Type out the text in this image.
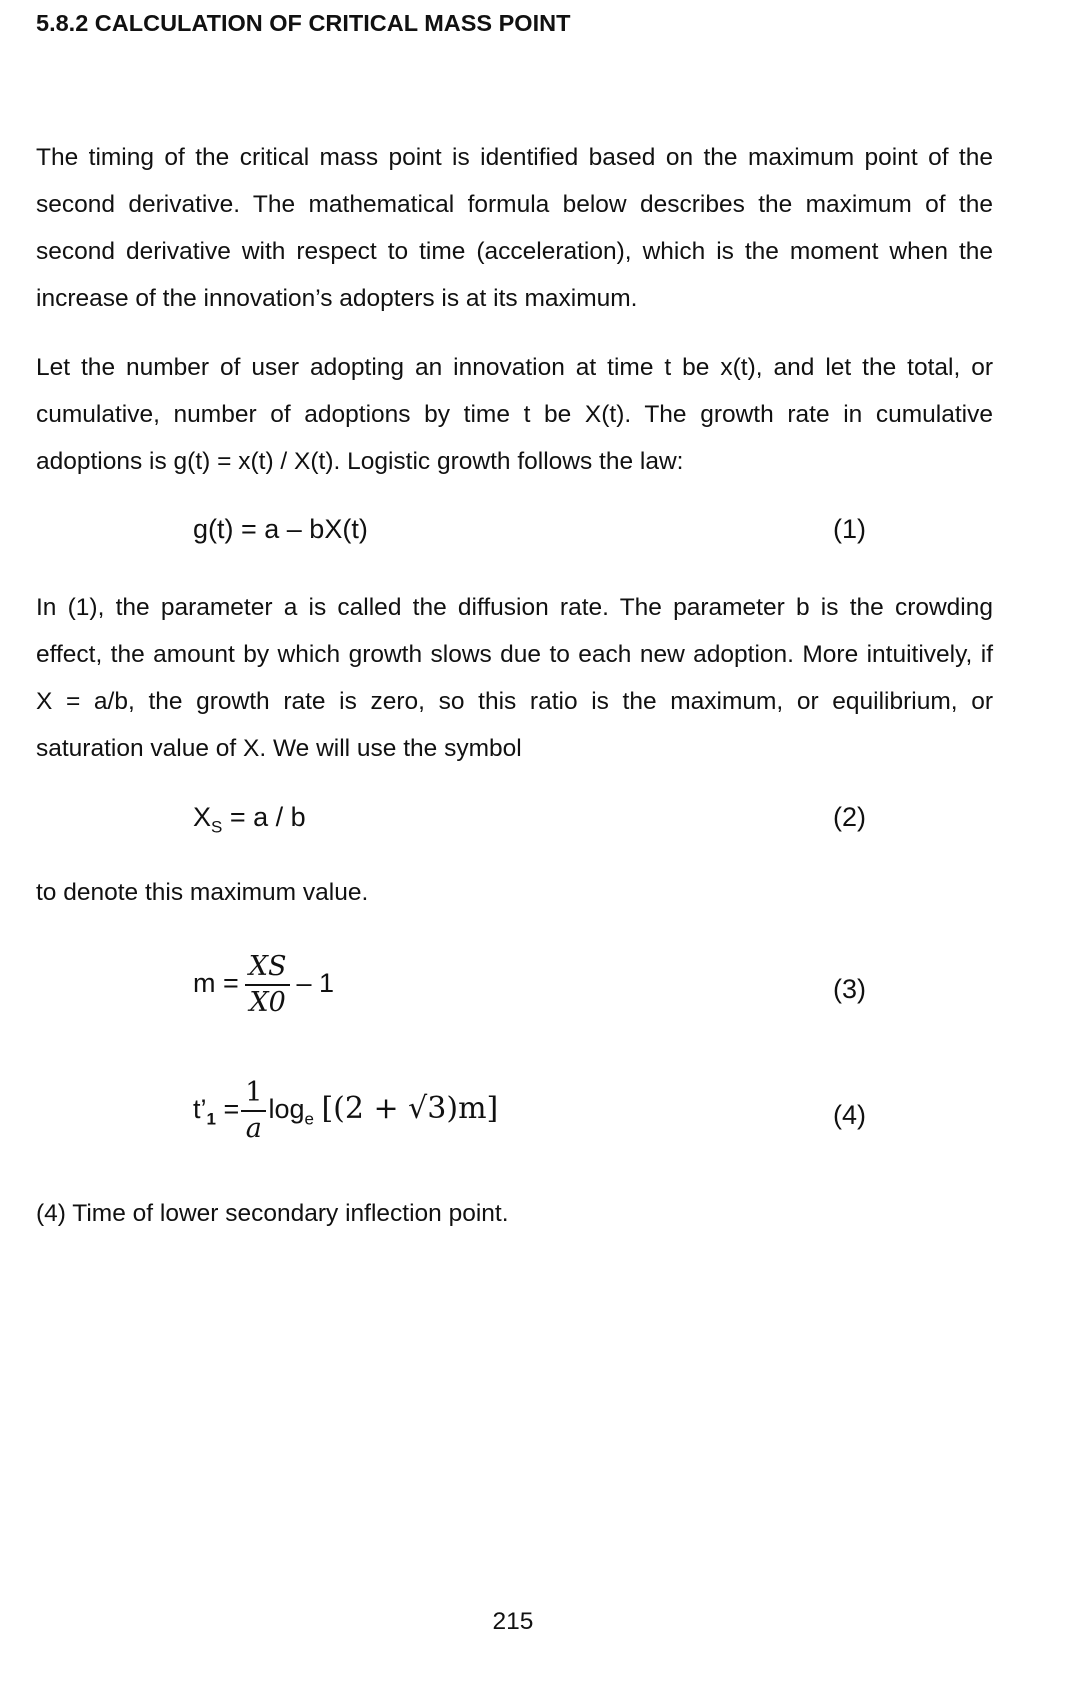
5.8.2 CALCULATION OF CRITICAL MASS POINT

The timing of the critical mass point is identified based on the maximum point of the second derivative. The mathematical formula below describes the maximum of the second derivative with respect to time (acceleration), which is the moment when the increase of the innovation’s adopters is at its maximum.

Let the number of user adopting an innovation at time t be x(t), and let the total, or cumulative, number of adoptions by time t be X(t). The growth rate in cumulative adoptions is g(t) = x(t) / X(t). Logistic growth follows the law:

g(t) = a – bX(t)	(1)

In (1), the parameter a is called the diffusion rate. The parameter b is the crowding effect, the amount by which growth slows due to each new adoption. More intuitively, if X = a/b, the growth rate is zero, so this ratio is the maximum, or equilibrium, or saturation value of X. We will use the symbol

$X_S = a / b$	(2)

to denote this maximum value.

$m = \frac{XS}{X0} - 1$	(3)
$t’_1 = \frac{1}{a} \log_e [(2 + √3)m]$	(4)

(4) Time of lower secondary inflection point.

215
